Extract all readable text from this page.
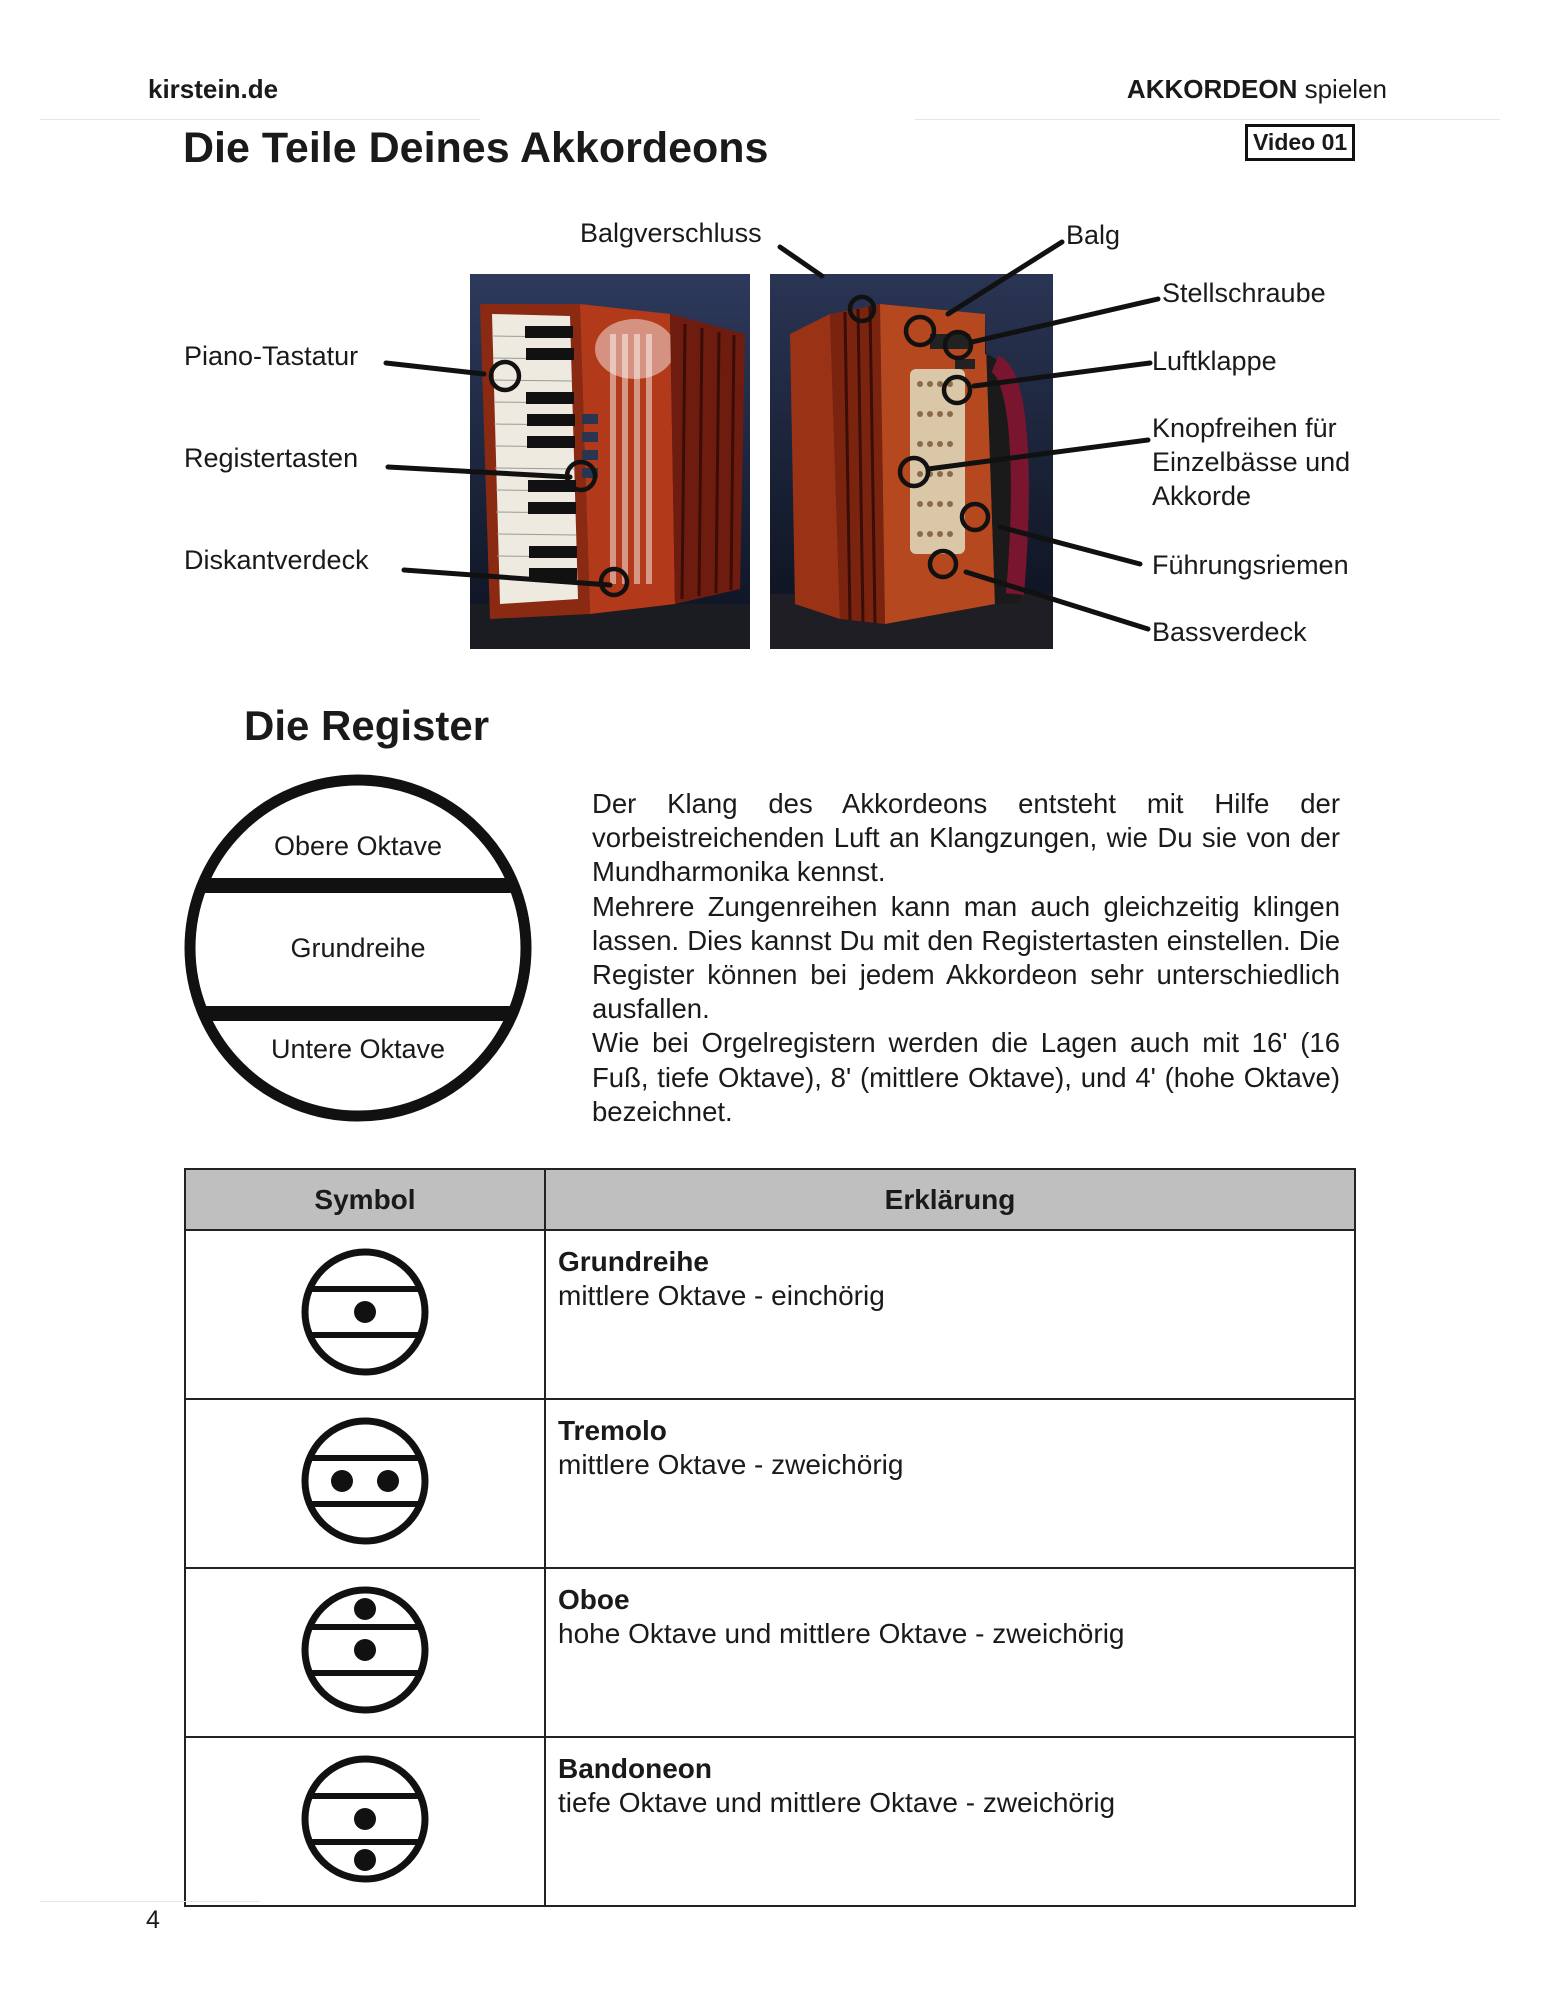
kirstein.de	AKKORDEON spielen
Die Teile Deines Akkordeons	Video 01
Balgverschluss	Balg
Stellschraube
Piano-Tastatur	Luftklappe
Registertasten
Knopfreihen für
Einzelbässe und
Akkorde
Diskantverdeck	Führungsriemen
Bassverdeck
Die Register
Obere Oktave
Grundreihe
Untere Oktave

Der Klang des Akkordeons entsteht mit Hilfe der vorbeistreichenden Luft an Klangzungen, wie Du sie von der Mundharmonika kennst.

Mehrere Zungenreihen kann man auch gleichzeitig klingen lassen. Dies kannst Du mit den Registertasten einstellen. Die Register können bei jedem Akkordeon sehr unterschiedlich ausfallen.

Wie bei Orgelregistern werden die Lagen auch mit 16' (16 Fuß, tiefe Oktave), 8' (mittlere Oktave), und 4' (hohe Oktave) bezeichnet.

Symbol	Erklärung

Grundreihe
mittlere Oktave - einchörig

Tremolo
mittlere Oktave - zweichörig

Oboe
hohe Oktave und mittlere Oktave - zweichörig

Bandoneon
tiefe Oktave und mittlere Oktave - zweichörig
4
